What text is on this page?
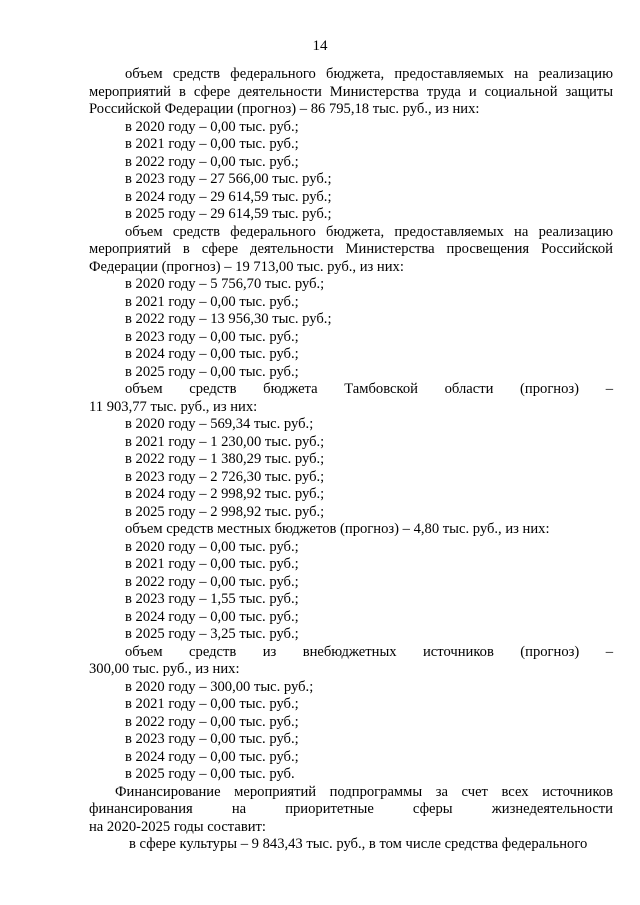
14

объем средств федерального бюджета, предоставляемых на реализацию мероприятий в сфере деятельности Министерства труда и социальной защиты Российской Федерации (прогноз) – 86 795,18 тыс. руб., из них:

в 2020 году – 0,00 тыс. руб.;

в 2021 году – 0,00 тыс. руб.;

в 2022 году – 0,00 тыс. руб.;

в 2023 году – 27 566,00 тыс. руб.;

в 2024 году – 29 614,59 тыс. руб.;

в 2025 году – 29 614,59 тыс. руб.;

объем средств федерального бюджета, предоставляемых на реализацию мероприятий в сфере деятельности Министерства просвещения Российской Федерации (прогноз) – 19 713,00 тыс. руб., из них:

в 2020 году – 5 756,70 тыс. руб.;

в 2021 году – 0,00 тыс. руб.;

в 2022 году – 13 956,30 тыс. руб.;

в 2023 году – 0,00 тыс. руб.;

в 2024 году – 0,00 тыс. руб.;

в 2025 году – 0,00 тыс. руб.;

объем средств бюджета Тамбовской области (прогноз) –

11 903,77 тыс. руб., из них:

в 2020 году – 569,34 тыс. руб.;

в 2021 году – 1 230,00 тыс. руб.;

в 2022 году – 1 380,29 тыс. руб.;

в 2023 году – 2 726,30 тыс. руб.;

в 2024 году – 2 998,92 тыс. руб.;

в 2025 году – 2 998,92 тыс. руб.;

объем средств местных бюджетов (прогноз) – 4,80 тыс. руб., из них:

в 2020 году – 0,00 тыс. руб.;

в 2021 году – 0,00 тыс. руб.;

в 2022 году – 0,00 тыс. руб.;

в 2023 году – 1,55 тыс. руб.;

в 2024 году – 0,00 тыс. руб.;

в 2025 году – 3,25 тыс. руб.;

объем средств из внебюджетных источников (прогноз) –

300,00 тыс. руб., из них:

в 2020 году – 300,00 тыс. руб.;

в 2021 году – 0,00 тыс. руб.;

в 2022 году – 0,00 тыс. руб.;

в 2023 году – 0,00 тыс. руб.;

в 2024 году – 0,00 тыс. руб.;

в 2025 году – 0,00 тыс. руб.

Финансирование мероприятий подпрограммы за счет всех источников

финансирования на приоритетные сферы жизнедеятельности

на 2020-2025 годы составит:

в сфере культуры – 9 843,43 тыс. руб., в том числе средства федерального
